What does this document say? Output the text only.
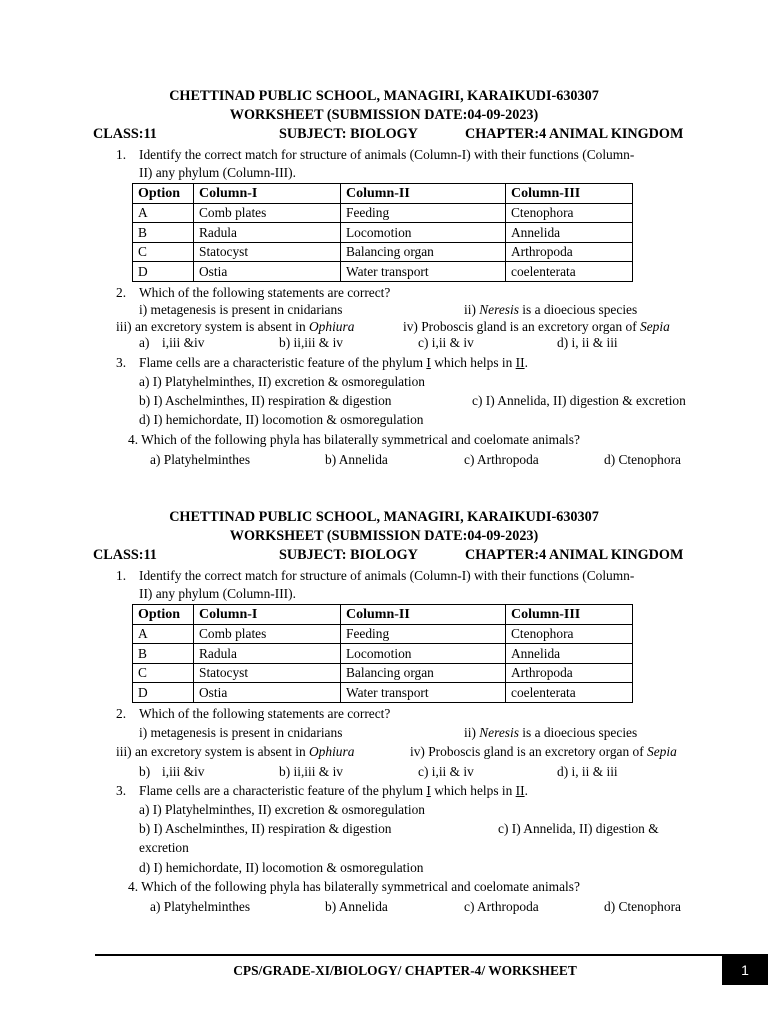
CHETTINAD PUBLIC SCHOOL, MANAGIRI, KARAIKUDI-630307
WORKSHEET (SUBMISSION DATE:04-09-2023)
CLASS:11	SUBJECT: BIOLOGY	CHAPTER:4 ANIMAL KINGDOM
1. Identify the correct match for structure of animals (Column-I) with their functions (Column-
II) any phylum (Column-III).
Option	Column-I	Column-II	Column-III
A	Comb plates	Feeding	Ctenophora
B	Radula	Locomotion	Annelida
C	Statocyst	Balancing organ	Arthropoda
D	Ostia	Water transport	coelenterata
2. Which of the following statements are correct?
i) metagenesis is present in cnidarians	ii) Neresis is a dioecious species
iii) an excretory system is absent in Ophiura	iv) Proboscis gland is an excretory organ of Sepia
a) i,iii &iv	b) ii,iii & iv	c) i,ii & iv	d) i, ii & iii
3. Flame cells are a characteristic feature of the phylum I which helps in II.
a) I) Platyhelminthes, II) excretion & osmoregulation
b) I) Aschelminthes, II) respiration & digestion	c) I) Annelida, II) digestion & excretion
d) I) hemichordate, II) locomotion & osmoregulation
4. Which of the following phyla has bilaterally symmetrical and coelomate animals?
a) Platyhelminthes	b) Annelida	c) Arthropoda	d) Ctenophora
CHETTINAD PUBLIC SCHOOL, MANAGIRI, KARAIKUDI-630307
WORKSHEET (SUBMISSION DATE:04-09-2023)
CLASS:11	SUBJECT: BIOLOGY	CHAPTER:4 ANIMAL KINGDOM
1. Identify the correct match for structure of animals (Column-I) with their functions (Column-
II) any phylum (Column-III).
Option	Column-I	Column-II	Column-III
A	Comb plates	Feeding	Ctenophora
B	Radula	Locomotion	Annelida
C	Statocyst	Balancing organ	Arthropoda
D	Ostia	Water transport	coelenterata
2. Which of the following statements are correct?
i) metagenesis is present in cnidarians	ii) Neresis is a dioecious species
iii) an excretory system is absent in Ophiura	iv) Proboscis gland is an excretory organ of Sepia
b) i,iii &iv	b) ii,iii & iv	c) i,ii & iv	d) i, ii & iii
3. Flame cells are a characteristic feature of the phylum I which helps in II.
a) I) Platyhelminthes, II) excretion & osmoregulation
b) I) Aschelminthes, II) respiration & digestion	c) I) Annelida, II) digestion &
excretion
d) I) hemichordate, II) locomotion & osmoregulation
4. Which of the following phyla has bilaterally symmetrical and coelomate animals?
a) Platyhelminthes	b) Annelida	c) Arthropoda	d) Ctenophora
CPS/GRADE-XI/BIOLOGY/ CHAPTER-4/ WORKSHEET	1
